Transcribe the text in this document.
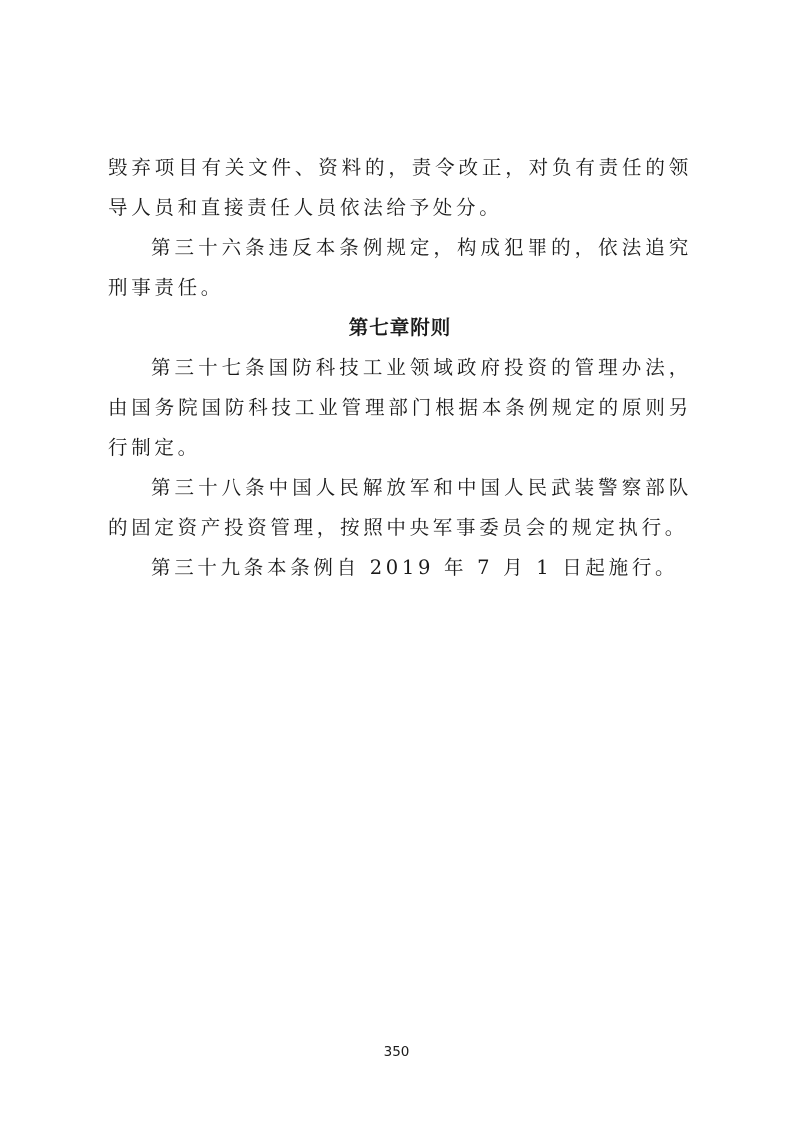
毁弃项目有关文件、资料的，责令改正，对负有责任的领导人员和直接责任人员依法给予处分。

第三十六条违反本条例规定，构成犯罪的，依法追究刑事责任。

第七章附则

第三十七条国防科技工业领域政府投资的管理办法，由国务院国防科技工业管理部门根据本条例规定的原则另行制定。

第三十八条中国人民解放军和中国人民武装警察部队的固定资产投资管理，按照中央军事委员会的规定执行。

第三十九条本条例自 2019 年 7 月 1 日起施行。

350
